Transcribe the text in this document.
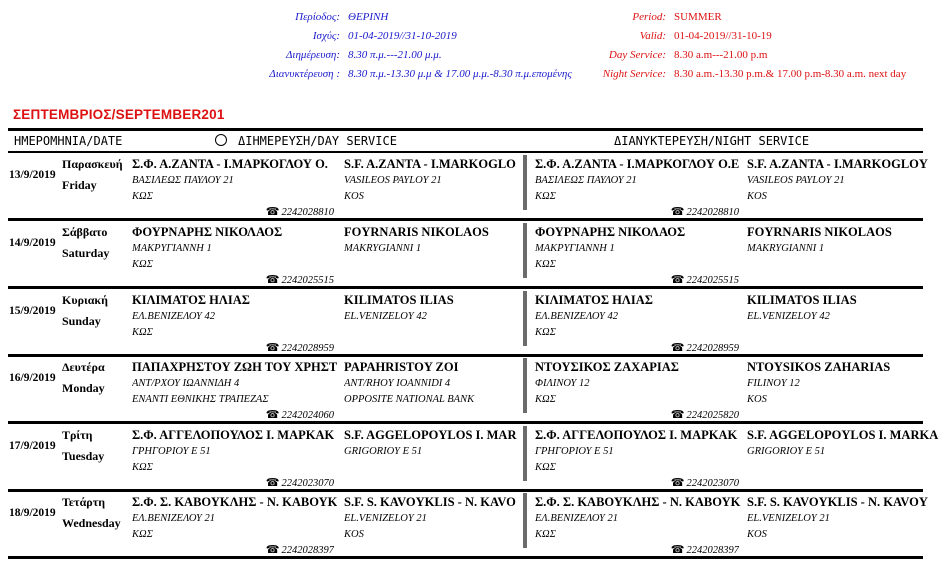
Περίοδος:
Ισχύς:
Διημέρευση:
Διανυκτέρευση :
ΘΕΡΙΝΗ
01-04-2019//31-10-2019
8.30 π.μ.---21.00 μ.μ.
8.30 π.μ.-13.30 μ.μ & 17.00 μ.μ.-8.30 π.μ.επομένης
Period:
Valid:
Day Service:
Night Service:
SUMMER
01-04-2019//31-10-19
8.30 a.m---21.00 p.m
8.30 a.m.-13.30 p.m.& 17.00 p.m-8.30 a.m. next day
ΣΕΠΤΕΜΒΡΙΟΣ/SEPTEMBER201
ΗΜΕΡΟΜΗΝΙΑ/DATE	ΔΙΗΜΕΡΕΥΣΗ/DAY SERVICE	ΔΙΑΝΥΚΤΕΡΕΥΣΗ/NIGHT SERVICE
13/9/2019
Παρασκευή
Friday
Σ.Φ. Α.ΖΑΝΤΑ - Ι.ΜΑΡΚΟΓΛΟΥ Ο.
ΒΑΣΙΛΕΩΣ ΠΑΥΛΟΥ 21
ΚΩΣ
S.F. A.ZANTA - I.MARKOGLO
VASILEOS PAYLOY 21
KOS
☎ 2242028810
Σ.Φ. Α.ΖΑΝΤΑ - Ι.ΜΑΡΚΟΓΛΟΥ Ο.Ε
ΒΑΣΙΛΕΩΣ ΠΑΥΛΟΥ 21
ΚΩΣ
S.F. A.ZANTA - I.MARKOGLOY
VASILEOS PAYLOY 21
KOS
☎ 2242028810
14/9/2019
Σάββατο
Saturday
ΦΟΥΡΝΑΡΗΣ ΝΙΚΟΛΑΟΣ
ΜΑΚΡΥΓΙΑΝΝΗ 1
ΚΩΣ
FOYRNARIS NIKOLAOS
MAKRYGIANNI 1
☎ 2242025515
ΦΟΥΡΝΑΡΗΣ ΝΙΚΟΛΑΟΣ
ΜΑΚΡΥΓΙΑΝΝΗ 1
ΚΩΣ
FOYRNARIS NIKOLAOS
MAKRYGIANNI 1
☎ 2242025515
15/9/2019
Κυριακή
Sunday
ΚΙΛΙΜΑΤΟΣ ΗΛΙΑΣ
ΕΛ.ΒΕΝΙΖΕΛΟΥ 42
ΚΩΣ
KILIMATOS ILIAS
EL.VENIZELOY 42
☎ 2242028959
ΚΙΛΙΜΑΤΟΣ ΗΛΙΑΣ
ΕΛ.ΒΕΝΙΖΕΛΟΥ 42
ΚΩΣ
KILIMATOS ILIAS
EL.VENIZELOY 42
☎ 2242028959
16/9/2019
Δευτέρα
Monday
ΠΑΠΑΧΡΗΣΤΟΥ ΖΩΗ ΤΟΥ ΧΡΗΣΤ
ΑΝΤ/ΡΧΟΥ ΙΩΑΝΝΙΔΗ 4
ΕΝΑΝΤΙ ΕΘΝΙΚΗΣ ΤΡΑΠΕΖΑΣ
PAPAHRISTOY ZOI
ANT/RHOY IOANNIDI 4
OPPOSITE NATIONAL BANK
☎ 2242024060
ΝΤΟΥΣΙΚΟΣ ΖΑΧΑΡΙΑΣ
ΦΙΛΙΝΟΥ 12
ΚΩΣ
NTOYSIKOS ZAHARIAS
FILINOY 12
KOS
☎ 2242025820
17/9/2019
Τρίτη
Tuesday
Σ.Φ. ΑΓΓΕΛΟΠΟΥΛΟΣ Ι. ΜΑΡΚΑΚ
ΓΡΗΓΟΡΙΟΥ Ε 51
ΚΩΣ
S.F. AGGELOPOYLOS I. MAR
GRIGORIOY E 51
☎ 2242023070
Σ.Φ. ΑΓΓΕΛΟΠΟΥΛΟΣ Ι. ΜΑΡΚΑΚ
ΓΡΗΓΟΡΙΟΥ Ε 51
ΚΩΣ
S.F. AGGELOPOYLOS I. MARKA
GRIGORIOY E 51
☎ 2242023070
18/9/2019
Τετάρτη
Wednesday
Σ.Φ. Σ. ΚΑΒΟΥΚΛΗΣ - Ν. ΚΑΒΟΥΚ
ΕΛ.ΒΕΝΙΖΕΛΟΥ 21
ΚΩΣ
S.F. S. KAVOYKLIS - N. KAVO
EL.VENIZELOY 21
KOS
☎ 2242028397
Σ.Φ. Σ. ΚΑΒΟΥΚΛΗΣ - Ν. ΚΑΒΟΥΚ
ΕΛ.ΒΕΝΙΖΕΛΟΥ 21
ΚΩΣ
S.F. S. KAVOYKLIS - N. KAVOY
EL.VENIZELOY 21
KOS
☎ 2242028397
